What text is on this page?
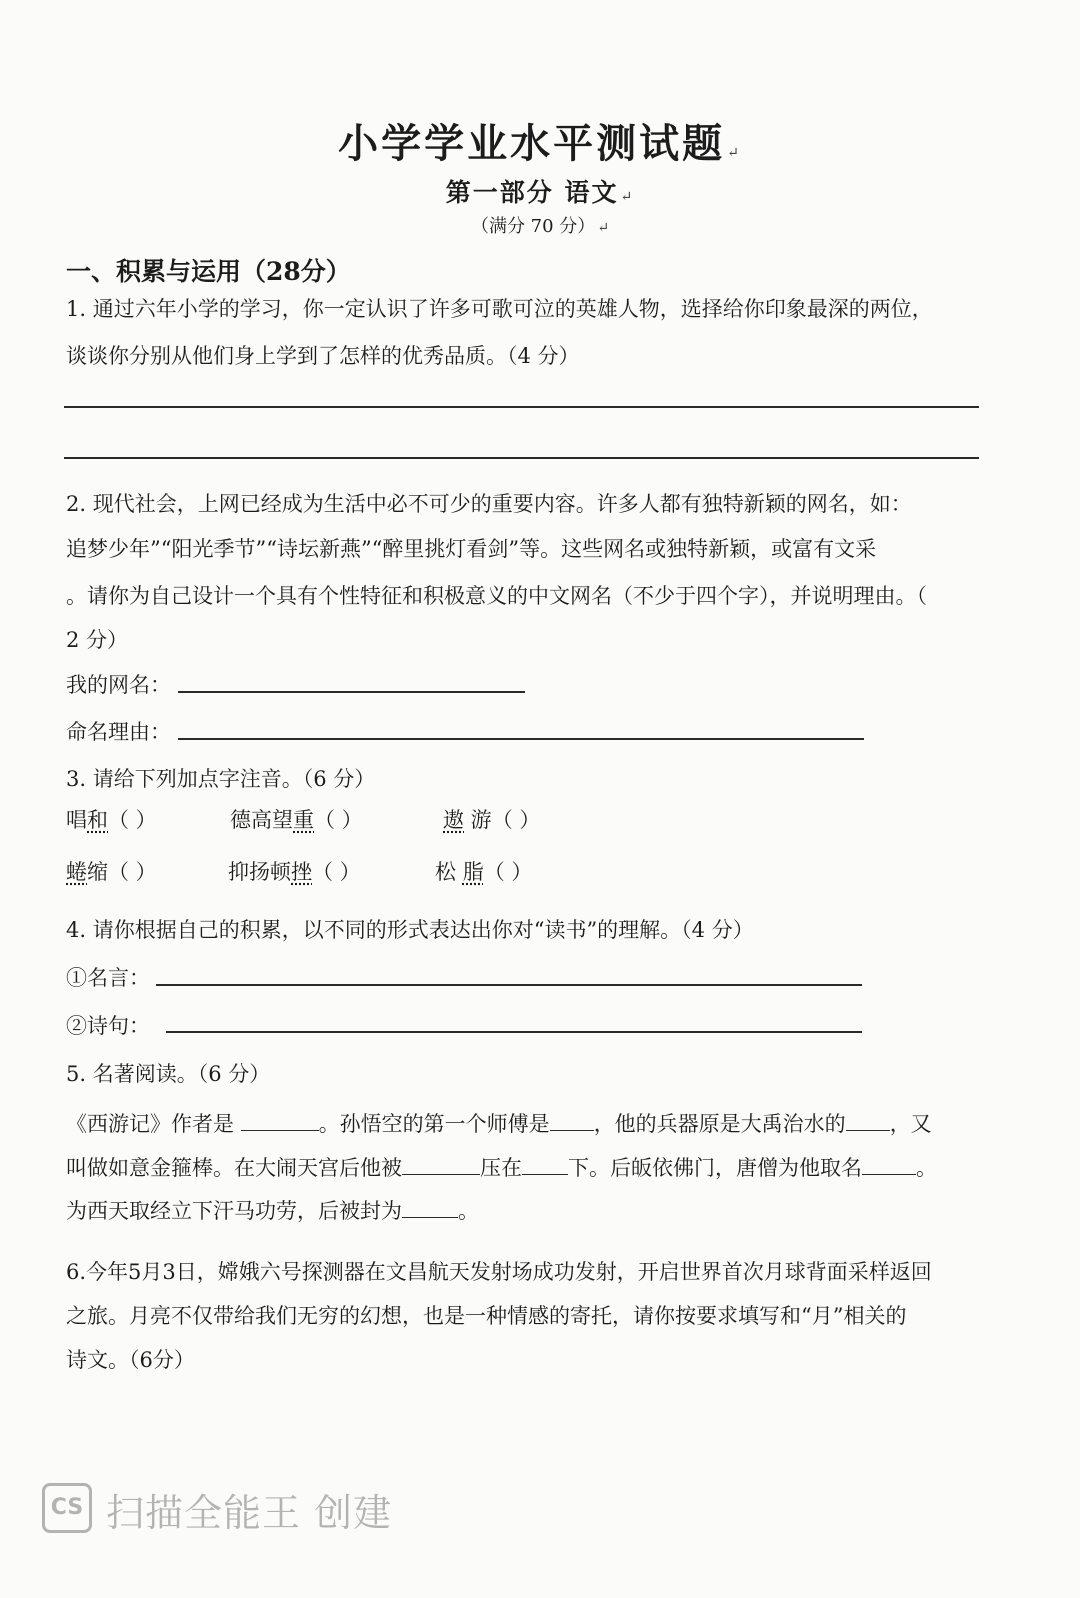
小学学业水平测试题 ↵
第一部分 语文 ↵
（满分 70 分） ↵
一、积累与运用（28分）
1. 通过六年小学的学习，你一定认识了许多可歌可泣的英雄人物，选择给你印象最深的两位，
谈谈你分别从他们身上学到了怎样的优秀品质。（4 分）
2. 现代社会，上网已经成为生活中必不可少的重要内容。许多人都有独特新颖的网名，如：
追梦少年”“阳光季节”“诗坛新燕”“醉里挑灯看剑”等。这些网名或独特新颖，或富有文采
。请你为自己设计一个具有个性特征和积极意义的中文网名（不少于四个字），并说明理由。（
2 分）
我的网名：
命名理由：
3. 请给下列加点字注音。（6 分）
唱和（ ）	德高望重（ ）	遨 游（ ）
蜷缩（ ）	抑扬顿挫（ ）	松 脂（ ）
4. 请你根据自己的积累，以不同的形式表达出你对“读书”的理解。（4 分）
①名言：
②诗句：
5. 名著阅读。（6 分）
《西游记》作者是	。孙悟空的第一个师傅是 ，他的兵器原是大禹治水的 ，又
叫做如意金箍棒。在大闹天宫后他被	压在 下。后皈依佛门，唐僧为他取名	。
为西天取经立下汗马功劳，后被封为	。
6.今年5月3日，嫦娥六号探测器在文昌航天发射场成功发射，开启世界首次月球背面采样返回
之旅。月亮不仅带给我们无穷的幻想，也是一种情感的寄托，请你按要求填写和“月”相关的
诗文。（6分）
CS 扫描全能王 创建
